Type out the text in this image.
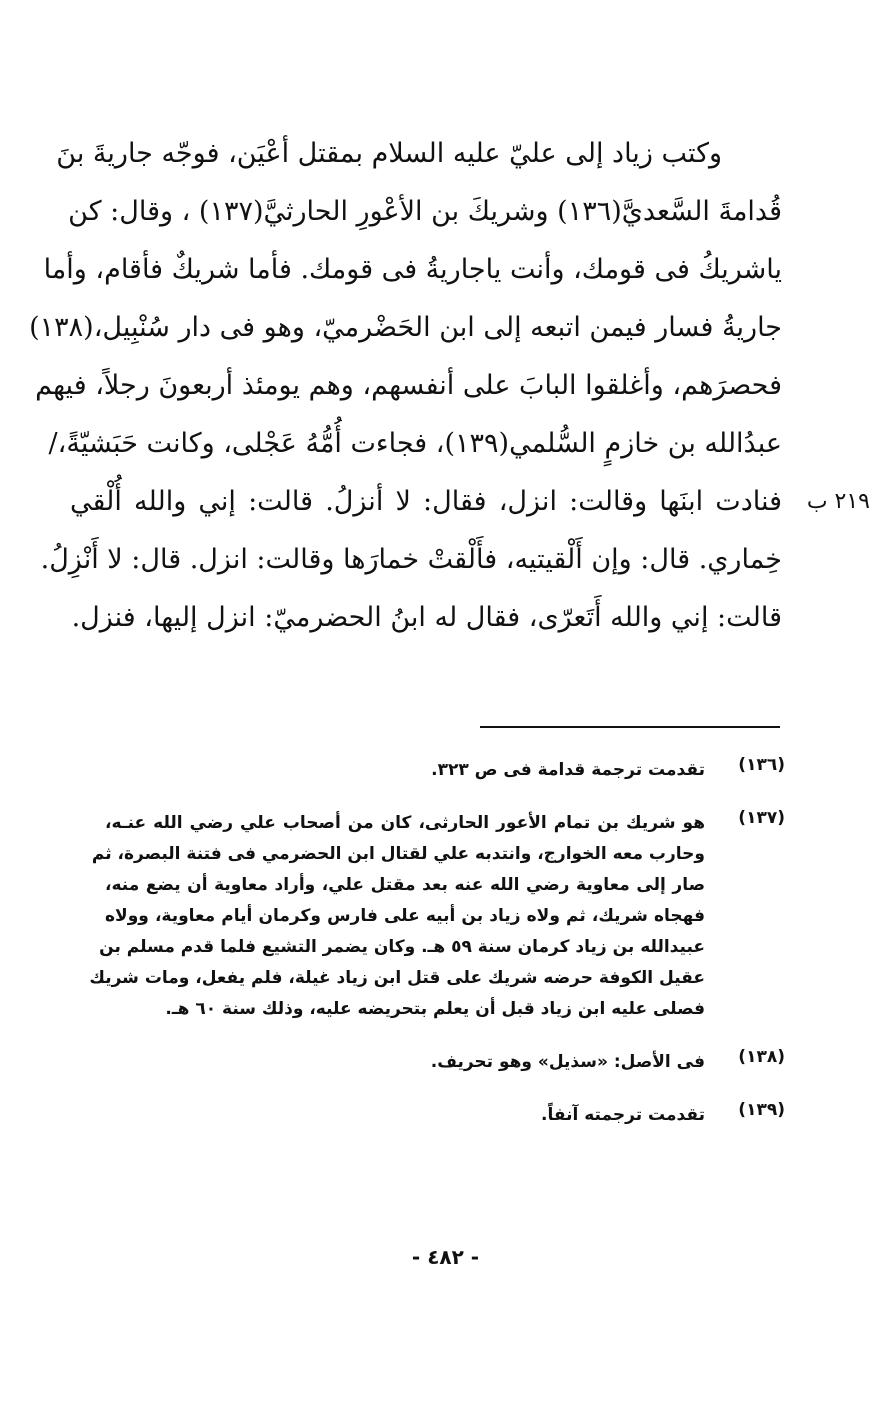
٢١٩ ب
وكتب زياد إلى عليّ عليه السلام بمقتل أعْيَن، فوجّه جاريةَ بنَ
قُدامةَ السَّعديَّ(١٣٦) وشريكَ بن الأعْورِ الحارثيَّ(١٣٧) ، وقال: كن
ياشريكُ فى قومك، وأنت ياجاريةُ فى قومك. فأما شريكٌ فأقام، وأما
جاريةُ فسار فيمن اتبعه إلى ابن الحَضْرميّ، وهو فى دار سُنْبِيل،(١٣٨)
فحصرَهم، وأغلقوا البابَ على أنفسهم، وهم يومئذ أربعونَ رجلاً، فيهم
عبدُالله بن خازمٍ السُّلمي(١٣٩)، فجاءت أُمُّهُ عَجْلى، وكانت حَبَشيّةً،/
فنادت ابنَها وقالت: انزل، فقال: لا أنزلُ. قالت: إني والله أُلْقي
خِماري. قال: وإن أَلْقيتيه، فأَلْقتْ خمارَها وقالت: انزل. قال: لا أَنْزِلُ.
قالت: إني والله أَتَعرّى، فقال له ابنُ الحضرميّ: انزل إليها، فنزل.
(١٣٦)
تقدمت ترجمة قدامة فى ص ٣٢٣.
(١٣٧)
هو شريك بن تمام الأعور الحارثى، كان من أصحاب علي رضي الله عنـه،
وحارب معه الخوارج، وانتدبه علي لقتال ابن الحضرمي فى فتنة البصرة، ثم
صار إلى معاوية رضي الله عنه بعد مقتل علي، وأراد معاوية أن يضع منه،
فهجاه شريك، ثم ولاه زياد بن أبيه على فارس وكرمان أيام معاوية، وولاه
عبيدالله بن زياد كرمان سنة ٥٩ هـ. وكان يضمر التشيع فلما قدم مسلم بن
عقيل الكوفة حرضه شريك على قتل ابن زياد غيلة، فلم يفعل، ومات شريك
فصلى عليه ابن زياد قبل أن يعلم بتحريضه عليه، وذلك سنة ٦٠ هـ.
(١٣٨)
فى الأصل: «سذيل» وهو تحريف.
(١٣٩)
تقدمت ترجمته آنفاً.
- ٤٨٢ -
